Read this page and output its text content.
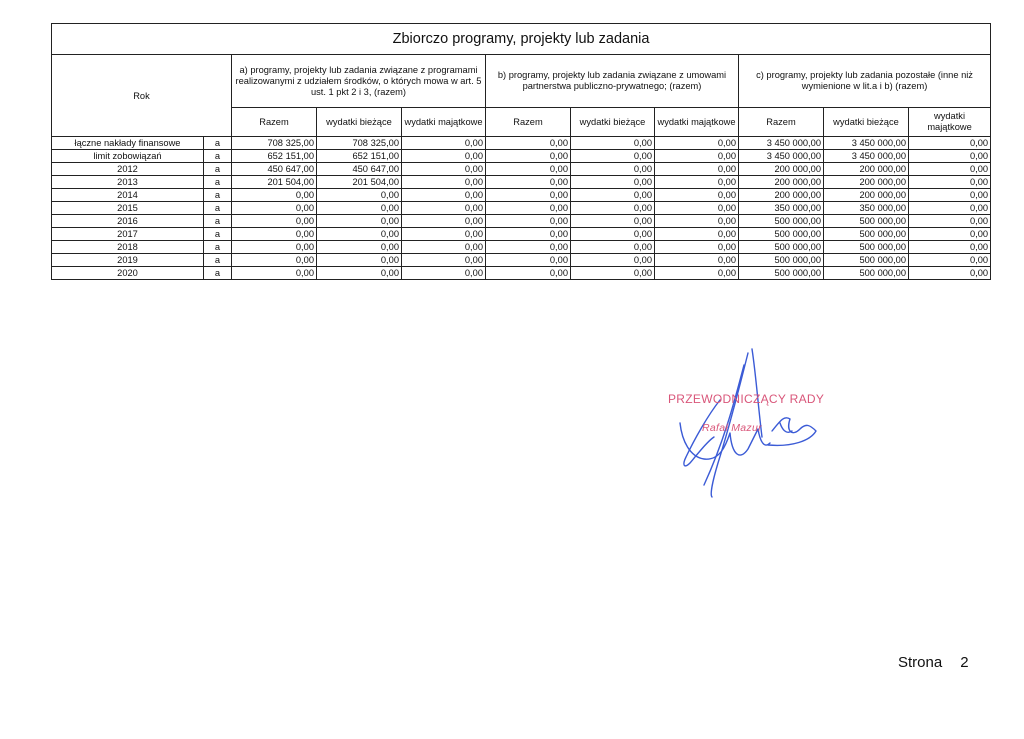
Zbiorczo programy, projekty lub zadania										
Rok		a) programy, projekty lub zadania związane z programami realizowanymi z udziałem środków, o których mowa w art. 5 ust. 1 pkt 2 i 3, (razem)			b) programy, projekty lub zadania związane z umowami partnerstwa publiczno-prywatnego; (razem)			c) programy, projekty lub zadania pozostałe (inne niż wymienione w lit.a i b) (razem)		
		Razem	wydatki bieżące	wydatki majątkowe	Razem	wydatki bieżące	wydatki majątkowe	Razem	wydatki bieżące	wydatki majątkowe
łączne nakłady finansowe	a	708 325,00	708 325,00	0,00	0,00	0,00	0,00	3 450 000,00	3 450 000,00	0,00
limit zobowiązań	a	652 151,00	652 151,00	0,00	0,00	0,00	0,00	3 450 000,00	3 450 000,00	0,00
2012	a	450 647,00	450 647,00	0,00	0,00	0,00	0,00	200 000,00	200 000,00	0,00
2013	a	201 504,00	201 504,00	0,00	0,00	0,00	0,00	200 000,00	200 000,00	0,00
2014	a	0,00	0,00	0,00	0,00	0,00	0,00	200 000,00	200 000,00	0,00
2015	a	0,00	0,00	0,00	0,00	0,00	0,00	350 000,00	350 000,00	0,00
2016	a	0,00	0,00	0,00	0,00	0,00	0,00	500 000,00	500 000,00	0,00
2017	a	0,00	0,00	0,00	0,00	0,00	0,00	500 000,00	500 000,00	0,00
2018	a	0,00	0,00	0,00	0,00	0,00	0,00	500 000,00	500 000,00	0,00
2019	a	0,00	0,00	0,00	0,00	0,00	0,00	500 000,00	500 000,00	0,00
2020	a	0,00	0,00	0,00	0,00	0,00	0,00	500 000,00	500 000,00	0,00
PRZEWODNICZĄCY RADY
Rafał Mazur
Strona 2
